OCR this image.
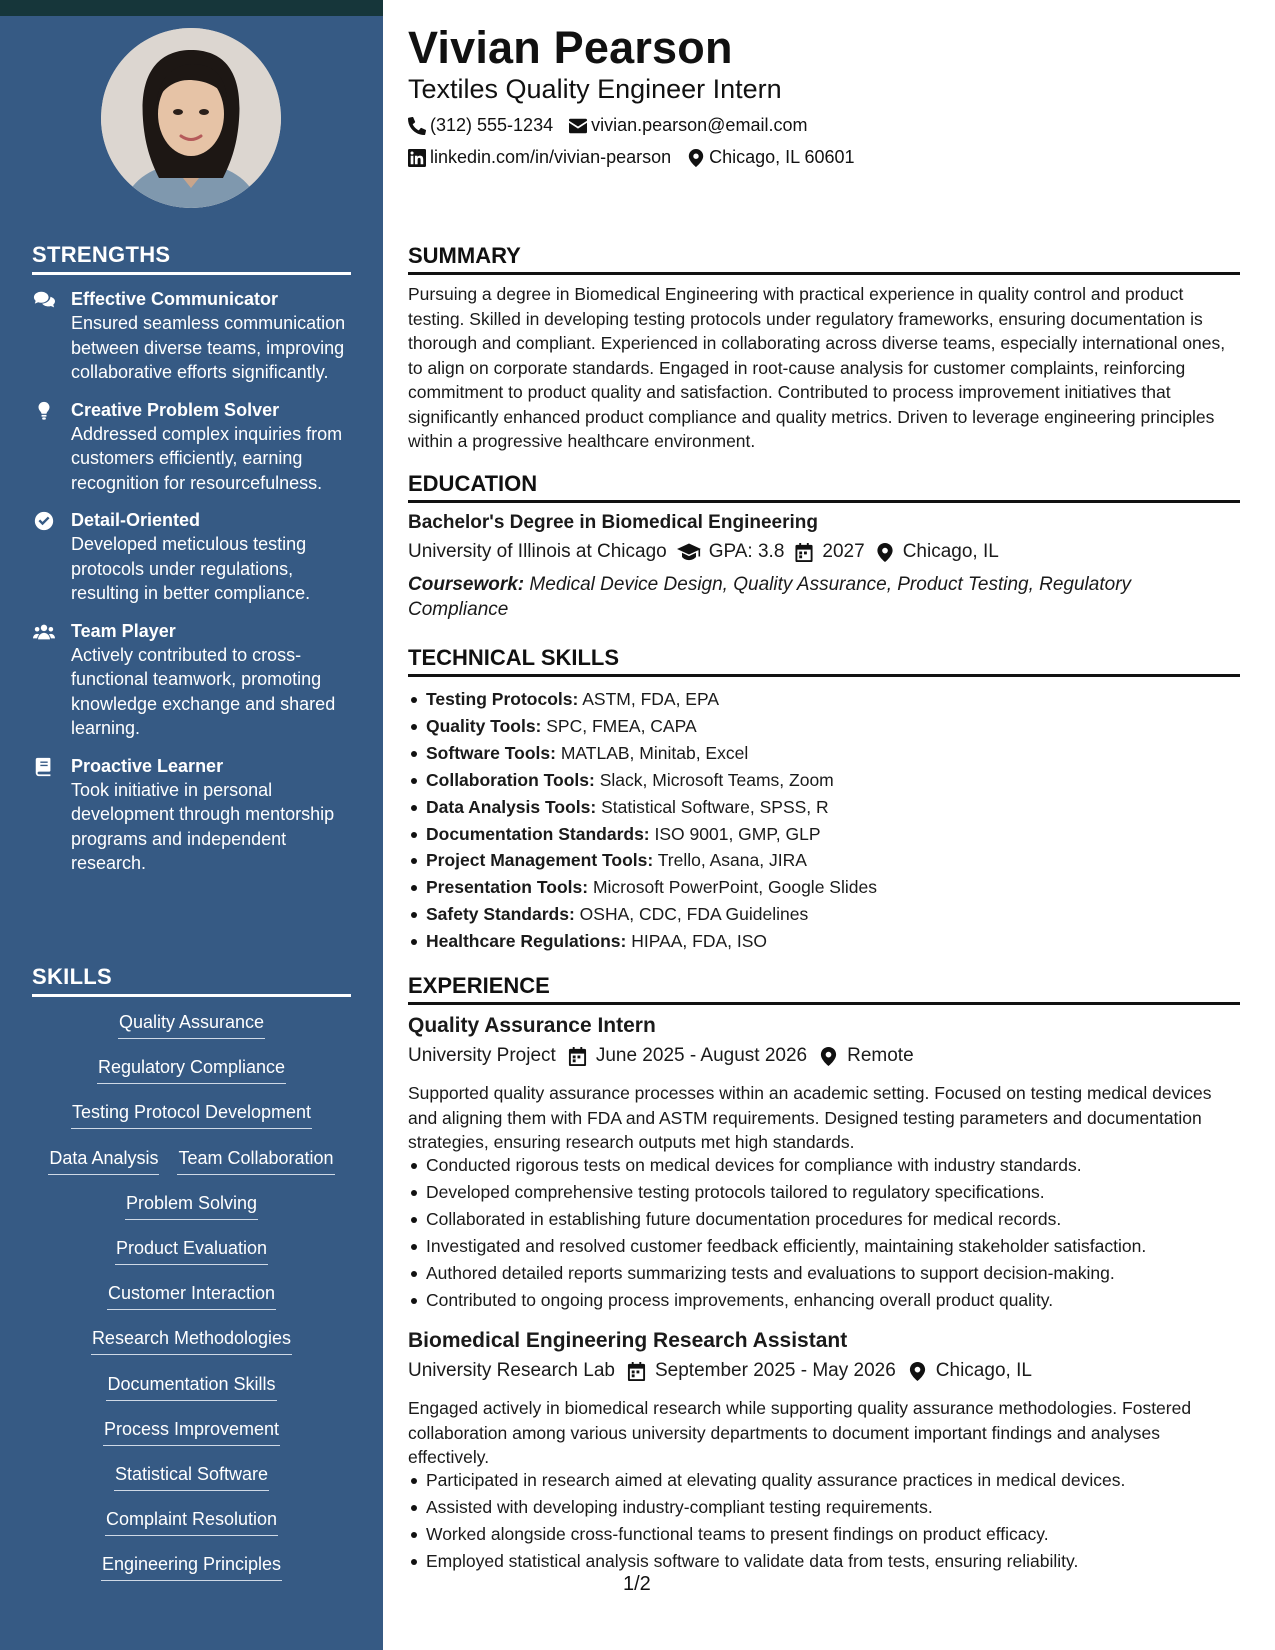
STRENGTHS
Effective Communicator
Ensured seamless communication between diverse teams, improving collaborative efforts significantly.
Creative Problem Solver
Addressed complex inquiries from customers efficiently, earning recognition for resourcefulness.
Detail-Oriented
Developed meticulous testing protocols under regulations, resulting in better compliance.
Team Player
Actively contributed to cross-functional teamwork, promoting knowledge exchange and shared learning.
Proactive Learner
Took initiative in personal development through mentorship programs and independent research.
SKILLS
Quality Assurance
Regulatory Compliance
Testing Protocol Development
Data Analysis Team Collaboration
Problem Solving
Product Evaluation
Customer Interaction
Research Methodologies
Documentation Skills
Process Improvement
Statistical Software
Complaint Resolution
Engineering Principles
Vivian Pearson
Textiles Quality Engineer Intern
(312) 555-1234 vivian.pearson@email.com
linkedin.com/in/vivian-pearson Chicago, IL 60601
SUMMARY
Pursuing a degree in Biomedical Engineering with practical experience in quality control and product testing. Skilled in developing testing protocols under regulatory frameworks, ensuring documentation is thorough and compliant. Experienced in collaborating across diverse teams, especially international ones, to align on corporate standards. Engaged in root-cause analysis for customer complaints, reinforcing commitment to product quality and satisfaction. Contributed to process improvement initiatives that significantly enhanced product compliance and quality metrics. Driven to leverage engineering principles within a progressive healthcare environment.
EDUCATION
Bachelor's Degree in Biomedical Engineering
University of Illinois at Chicago GPA: 3.8 2027 Chicago, IL
Coursework: Medical Device Design, Quality Assurance, Product Testing, Regulatory Compliance
TECHNICAL SKILLS
Testing Protocols: ASTM, FDA, EPA
Quality Tools: SPC, FMEA, CAPA
Software Tools: MATLAB, Minitab, Excel
Collaboration Tools: Slack, Microsoft Teams, Zoom
Data Analysis Tools: Statistical Software, SPSS, R
Documentation Standards: ISO 9001, GMP, GLP
Project Management Tools: Trello, Asana, JIRA
Presentation Tools: Microsoft PowerPoint, Google Slides
Safety Standards: OSHA, CDC, FDA Guidelines
Healthcare Regulations: HIPAA, FDA, ISO
EXPERIENCE
Quality Assurance Intern
University Project June 2025 - August 2026 Remote
Supported quality assurance processes within an academic setting. Focused on testing medical devices and aligning them with FDA and ASTM requirements. Designed testing parameters and documentation strategies, ensuring research outputs met high standards.
Conducted rigorous tests on medical devices for compliance with industry standards.
Developed comprehensive testing protocols tailored to regulatory specifications.
Collaborated in establishing future documentation procedures for medical records.
Investigated and resolved customer feedback efficiently, maintaining stakeholder satisfaction.
Authored detailed reports summarizing tests and evaluations to support decision-making.
Contributed to ongoing process improvements, enhancing overall product quality.
Biomedical Engineering Research Assistant
University Research Lab September 2025 - May 2026 Chicago, IL
Engaged actively in biomedical research while supporting quality assurance methodologies. Fostered collaboration among various university departments to document important findings and analyses effectively.
Participated in research aimed at elevating quality assurance practices in medical devices.
Assisted with developing industry-compliant testing requirements.
Worked alongside cross-functional teams to present findings on product efficacy.
Employed statistical analysis software to validate data from tests, ensuring reliability.
1/2
